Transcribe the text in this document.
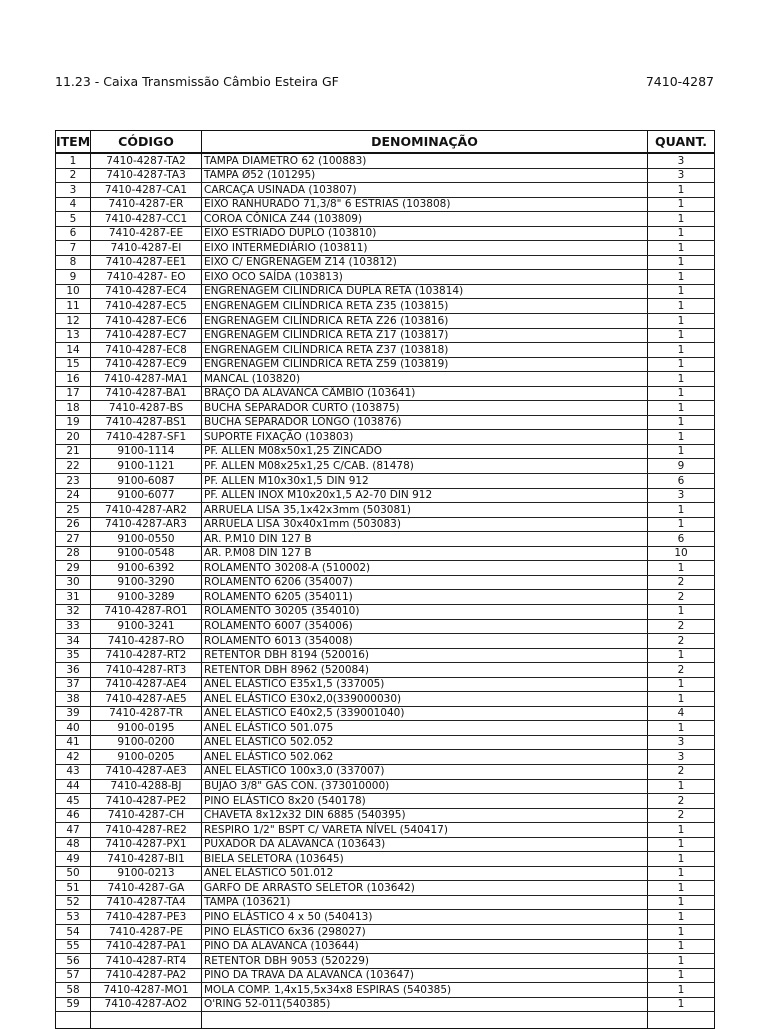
11.23 - Caixa Transmissão Câmbio Esteira GF	7410-4287
ITEM	CÓDIGO	DENOMINAÇÃO	QUANT.
1	7410-4287-TA2	TAMPA DIAMETRO 62 (100883)	3
2	7410-4287-TA3	TAMPA Ø52 (101295)	3
3	7410-4287-CA1	CARCAÇA USINADA (103807)	1
4	7410-4287-ER	EIXO RANHURADO 71,3/8" 6 ESTRIAS (103808)	1
5	7410-4287-CC1	COROA CÔNICA Z44 (103809)	1
6	7410-4287-EE	EIXO ESTRIADO DUPLO (103810)	1
7	7410-4287-EI	EIXO INTERMEDIÁRIO (103811)	1
8	7410-4287-EE1	EIXO C/ ENGRENAGEM Z14 (103812)	1
9	7410-4287- EO	EIXO OCO SAÍDA (103813)	1
10	7410-4287-EC4	ENGRENAGEM CILÍNDRICA DUPLA RETA (103814)	1
11	7410-4287-EC5	ENGRENAGEM CILÍNDRICA RETA Z35 (103815)	1
12	7410-4287-EC6	ENGRENAGEM CILÍNDRICA RETA Z26 (103816)	1
13	7410-4287-EC7	ENGRENAGEM CILÍNDRICA RETA Z17 (103817)	1
14	7410-4287-EC8	ENGRENAGEM CILÍNDRICA RETA Z37 (103818)	1
15	7410-4287-EC9	ENGRENAGEM CILÍNDRICA RETA Z59 (103819)	1
16	7410-4287-MA1	MANCAL (103820)	1
17	7410-4287-BA1	BRAÇO DA ALAVANCA CÂMBIO (103641)	1
18	7410-4287-BS	BUCHA SEPARADOR CURTO (103875)	1
19	7410-4287-BS1	BUCHA SEPARADOR LONGO (103876)	1
20	7410-4287-SF1	SUPORTE FIXAÇÃO (103803)	1
21	9100-1114	PF. ALLEN M08x50x1,25 ZINCADO	1
22	9100-1121	PF. ALLEN M08x25x1,25 C/CAB. (81478)	9
23	9100-6087	PF. ALLEN M10x30x1,5 DIN 912	6
24	9100-6077	PF. ALLEN INOX M10x20x1,5 A2-70 DIN 912	3
25	7410-4287-AR2	ARRUELA LISA 35,1x42x3mm (503081)	1
26	7410-4287-AR3	ARRUELA LISA 30x40x1mm (503083)	1
27	9100-0550	AR. P.M10 DIN 127 B	6
28	9100-0548	AR. P.M08 DIN 127 B	10
29	9100-6392	ROLAMENTO 30208-A (510002)	1
30	9100-3290	ROLAMENTO 6206 (354007)	2
31	9100-3289	ROLAMENTO 6205 (354011)	2
32	7410-4287-RO1	ROLAMENTO 30205 (354010)	1
33	9100-3241	ROLAMENTO 6007 (354006)	2
34	7410-4287-RO	ROLAMENTO 6013 (354008)	2
35	7410-4287-RT2	RETENTOR DBH 8194 (520016)	1
36	7410-4287-RT3	RETENTOR DBH 8962 (520084)	2
37	7410-4287-AE4	ANEL ELÁSTICO E35x1,5 (337005)	1
38	7410-4287-AE5	ANEL ELÁSTICO E30x2,0(339000030)	1
39	7410-4287-TR	ANEL ELÁSTICO E40x2,5 (339001040)	4
40	9100-0195	ANEL ELÁSTICO 501.075	1
41	9100-0200	ANEL ELÁSTICO 502.052	3
42	9100-0205	ANEL ELÁSTICO 502.062	3
43	7410-4287-AE3	ANEL ELÁSTICO 100x3,0 (337007)	2
44	7410-4288-BJ	BUJÃO 3/8" GÁS CON. (373010000)	1
45	7410-4287-PE2	PINO ELÁSTICO 8x20 (540178)	2
46	7410-4287-CH	CHAVETA 8x12x32 DIN 6885 (540395)	2
47	7410-4287-RE2	RESPIRO 1/2" BSPT C/ VARETA NÍVEL (540417)	1
48	7410-4287-PX1	PUXADOR DA ALAVANCA (103643)	1
49	7410-4287-BI1	BIELA SELETORA (103645)	1
50	9100-0213	ANEL ELÁSTICO 501.012	1
51	7410-4287-GA	GARFO DE ARRASTO SELETOR (103642)	1
52	7410-4287-TA4	TAMPA (103621)	1
53	7410-4287-PE3	PINO ELÁSTICO 4 x 50 (540413)	1
54	7410-4287-PE	PINO ELÁSTICO 6x36 (298027)	1
55	7410-4287-PA1	PINO DA ALAVANCA (103644)	1
56	7410-4287-RT4	RETENTOR DBH 9053 (520229)	1
57	7410-4287-PA2	PINO DA TRAVA DA ALAVANCA (103647)	1
58	7410-4287-MO1	MOLA COMP. 1,4x15,5x34x8 ESPIRAS (540385)	1
59	7410-4287-AO2	O'RING 52-011(540385)	1
